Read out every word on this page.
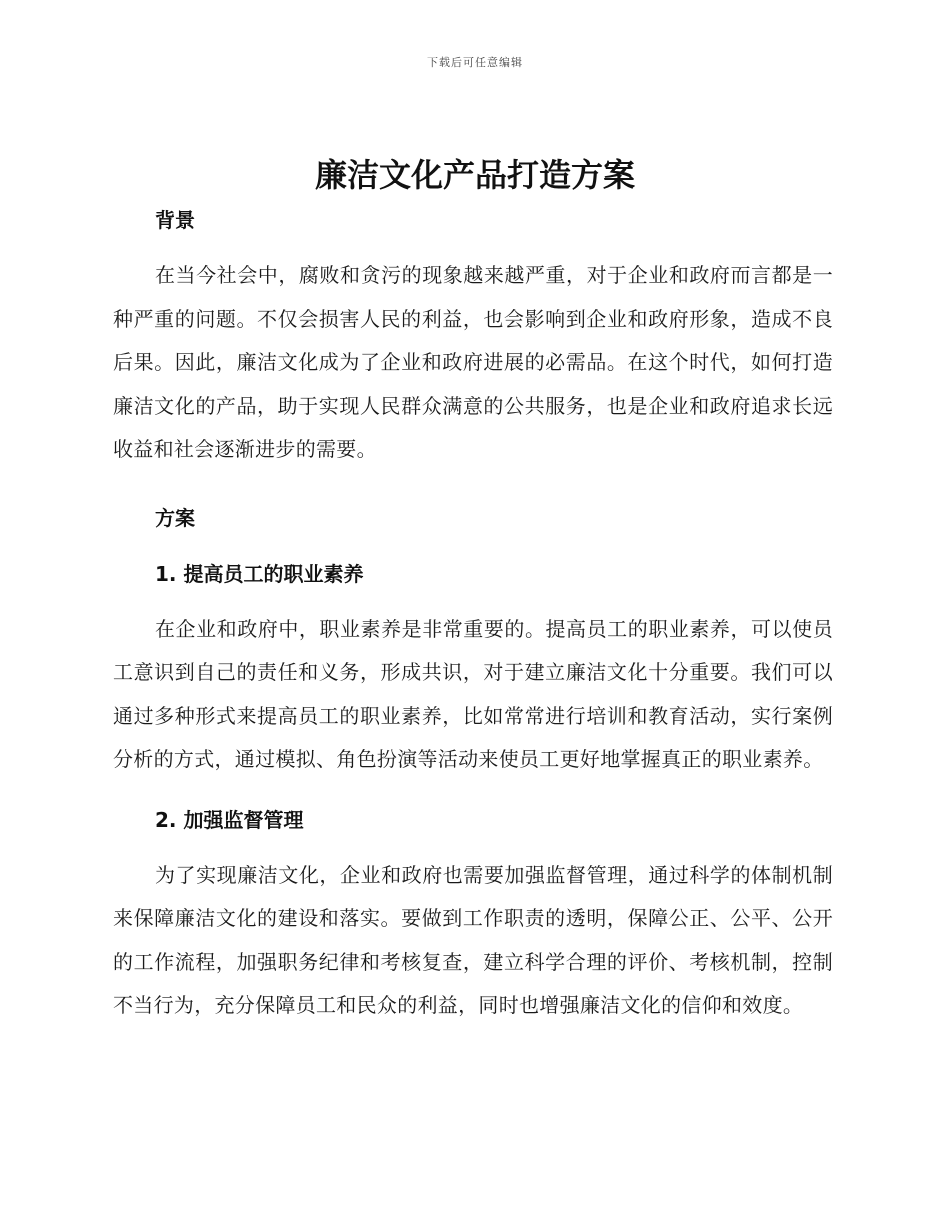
下载后可任意编辑
廉洁文化产品打造方案
背景

在当今社会中，腐败和贪污的现象越来越严重，对于企业和政府而言都是一种严重的问题。不仅会损害人民的利益，也会影响到企业和政府形象，造成不良后果。因此，廉洁文化成为了企业和政府进展的必需品。在这个时代，如何打造廉洁文化的产品，助于实现人民群众满意的公共服务，也是企业和政府追求长远收益和社会逐渐进步的需要。

方案
1. 提高员工的职业素养

在企业和政府中，职业素养是非常重要的。提高员工的职业素养，可以使员工意识到自己的责任和义务，形成共识，对于建立廉洁文化十分重要。我们可以通过多种形式来提高员工的职业素养，比如常常进行培训和教育活动，实行案例分析的方式，通过模拟、角色扮演等活动来使员工更好地掌握真正的职业素养。

2. 加强监督管理

为了实现廉洁文化，企业和政府也需要加强监督管理，通过科学的体制机制来保障廉洁文化的建设和落实。要做到工作职责的透明，保障公正、公平、公开的工作流程，加强职务纪律和考核复查，建立科学合理的评价、考核机制，控制不当行为，充分保障员工和民众的利益，同时也增强廉洁文化的信仰和效度。
